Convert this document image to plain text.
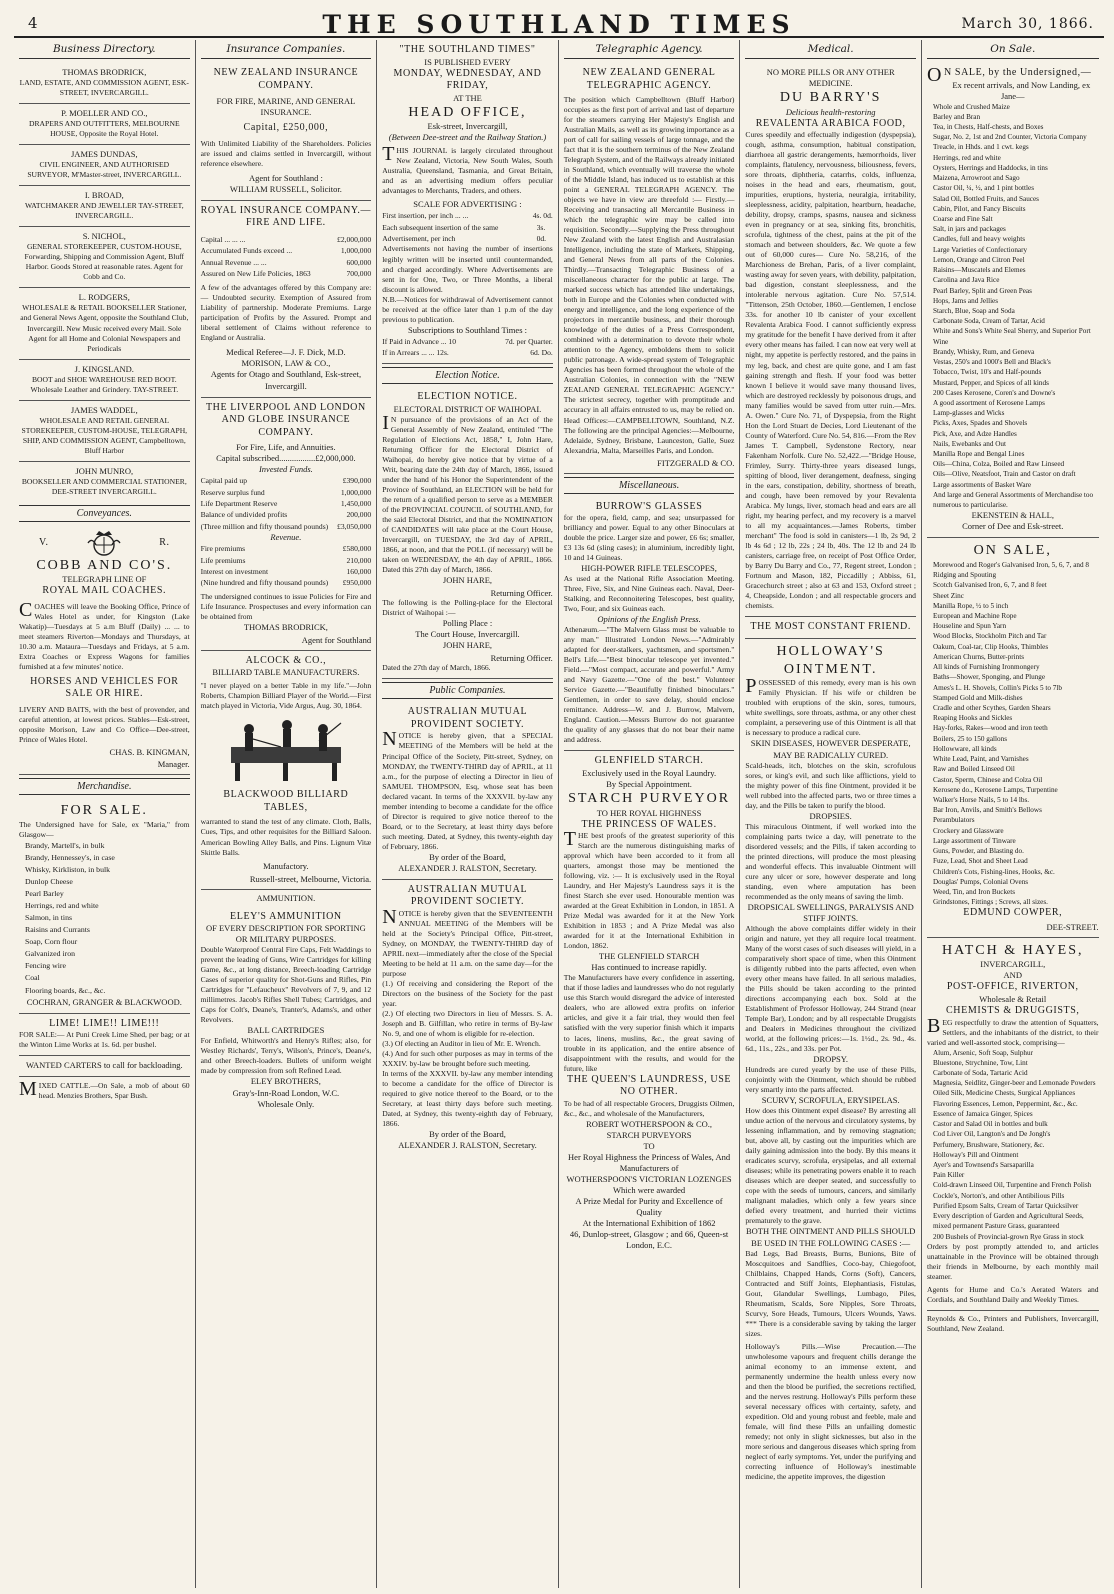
4	THE SOUTHLAND TIMES	March 30, 1866.
Business Directory.
THOMAS BRODRICK,
LAND, ESTATE, AND COMMISSION AGENT, ESK-STREET, INVERCARGILL.
P. MOELLER AND CO.,
DRAPERS AND OUTFITTERS, MELBOURNE HOUSE, Opposite the Royal Hotel.
JAMES DUNDAS,
CIVIL ENGINEER, AND AUTHORISED SURVEYOR, M'Master-street, INVERCARGILL.
I. BROAD,
WATCHMAKER AND JEWELLER TAY-STREET, INVERCARGILL.
S. NICHOL,
GENERAL STOREKEEPER, CUSTOM-HOUSE, Forwarding, Shipping and Commission Agent, Bluff Harbor. Goods Stored at reasonable rates. Agent for Cobb and Co.
L. RODGERS,
WHOLESALE & RETAIL BOOKSELLER Stationer, and General News Agent, opposite the Southland Club, Invercargill. New Music received every Mail. Sole Agent for all Home and Colonial Newspapers and Periodicals
J. KINGSLAND.
BOOT and SHOE WAREHOUSE RED BOOT. Wholesale Leather and Grindery. TAY-STREET.
JAMES WADDEL,
WHOLESALE AND RETAIL GENERAL STOREKEEPER, CUSTOM-HOUSE, TELEGRAPH, SHIP, AND COMMISSION AGENT, Campbelltown, Bluff Harbor
JOHN MUNRO,
BOOKSELLER AND COMMERCIAL STATIONER, DEE-STREET INVERCARGILL.
Conveyances.
V.	R.
COBB AND CO'S.
TELEGRAPH LINE OF
ROYAL MAIL COACHES.
COACHES will leave the Booking Office, Prince of Wales Hotel as under, for Kingston (Lake Wakatip)—Tuesdays at 5 a.m Bluff (Daily) ... ... to meet steamers Riverton—Mondays and Thursdays, at 10.30 a.m. Mataura—Tuesdays and Fridays, at 5 a.m. Extra Coaches or Express Wagons for families furnished at a few minutes' notice.
HORSES AND VEHICLES FOR SALE OR HIRE.
LIVERY AND BAITS, with the best of provender, and careful attention, at lowest prices. Stables—Esk-street, opposite Morison, Law and Co Office—Dee-street, Prince of Wales Hotel.
CHAS. B. KINGMAN,
Manager.
Merchandise.
FOR SALE.
The Undersigned have for Sale, ex "Maria," from Glasgow—
Brandy, Martell's, in bulk
Brandy, Hennessey's, in case
Whisky, Kirkliston, in bulk
Dunlop Cheese
Pearl Barley
Herrings, red and white
Salmon, in tins
Raisins and Currants
Soap, Corn flour
Galvanized iron
Fencing wire
Coal
Flooring boards, &c., &c.
COCHRAN, GRANGER & BLACKWOOD.
LIME! LIME!! LIME!!!
FOR SALE:— At Puni Creek Lime Shed, per bag; or at the Winton Lime Works at 1s. 6d. per bushel.
WANTED CARTERS to call for backloading.
MIXED CATTLE.—On Sale, a mob of about 60 head. Menzies Brothers, Spar Bush.
Insurance Companies.
NEW ZEALAND INSURANCE COMPANY.
FOR FIRE, MARINE, AND GENERAL INSURANCE.
Capital, £250,000,
With Unlimited Liability of the Shareholders. Policies are issued and claims settled in Invercargill, without reference elsewhere.
Agent for Southland :
WILLIAM RUSSELL, Solicitor.
ROYAL INSURANCE COMPANY.— FIRE AND LIFE.
Capital ... ... ...	£2,000,000
Accumulated Funds exceed ...	1,000,000
Annual Revenue ... ...	600,000
Assured on New Life Policies, 1863	700,000
A few of the advantages offered by this Company are:— Undoubted security. Exemption of Assured from Liability of partnership. Moderate Premiums. Large participation of Profits by the Assured. Prompt and liberal settlement of Claims without reference to England or Australia.
Medical Referee—J. F. Dick, M.D.
MORISON, LAW & CO.,
Agents for Otago and Southland, Esk-street, Invercargill.
THE LIVERPOOL AND LONDON AND GLOBE INSURANCE COMPANY.
For Fire, Life, and Annuities.
Capital subscribed.................£2,000,000.
Invested Funds.
Capital paid up	£390,000
Reserve surplus fund	1,000,000
Life Department Reserve	1,450,000
Balance of undivided profits	200,000
(Three million and fifty thousand pounds) £3,050,000
Revenue.
Fire premiums	£580,000
Life premiums	210,000
Interest on investment	160,000
(Nine hundred and fifty thousand pounds) £950,000
The undersigned continues to issue Policies for Fire and Life Insurance. Prospectuses and every information can be obtained from
THOMAS BRODRICK,
Agent for Southland
ALCOCK & CO.,
BILLIARD TABLE MANUFACTURERS.
"I never played on a better Table in my life."—John Roberts, Champion Billiard Player of the World.—First match played in Victoria, Vide Argus, Aug. 30, 1864.
BLACKWOOD BILLIARD TABLES,
warranted to stand the test of any climate. Cloth, Balls, Cues, Tips, and other requisites for the Billiard Saloon. American Bowling Alley Balls, and Pins. Lignum Vitæ Skittle Balls.
Manufactory.
Russell-street, Melbourne, Victoria.
AMMUNITION.
ELEY'S AMMUNITION
OF EVERY DESCRIPTION FOR SPORTING OR MILITARY PURPOSES.
Double Waterproof Central Fire Caps, Felt Waddings to prevent the leading of Guns, Wire Cartridges for killing Game, &c., at long distance, Breech-loading Cartridge Cases of superior quality for Shot-Guns and Rifles, Pin Cartridges for "Lefaucheux" Revolvers of 7, 9, and 12 millimetres. Jacob's Rifles Shell Tubes; Cartridges, and Caps for Colt's, Deane's, Tranter's, Adams's, and other Revolvers.
BALL CARTRIDGES
For Enfield, Whitworth's and Henry's Rifles; also, for Westley Richards', Terry's, Wilson's, Prince's, Deane's, and other Breech-loaders. Bullets of uniform weight made by compression from soft Refined Lead.
ELEY BROTHERS,
Gray's-Inn-Road London, W.C.
Wholesale Only.
"THE SOUTHLAND TIMES"
IS PUBLISHED EVERY
MONDAY, WEDNESDAY, AND FRIDAY,
AT THE
HEAD OFFICE,
Esk-street, Invercargill,
(Between Dee-street and the Railway Station.)
THIS JOURNAL is largely circulated throughout New Zealand, Victoria, New South Wales, South Australia, Queensland, Tasmania, and Great Britain, and as an advertising medium offers peculiar advantages to Merchants, Traders, and others.
SCALE FOR ADVERTISING :
First insertion, per inch ... ...	4s. 0d.
Each subsequent insertion of the same Advertisement, per inch
3s. 0d.
Advertisements not having the number of insertions legibly written will be inserted until countermanded, and charged accordingly. Where Advertisements are sent in for One, Two, or Three Months, a liberal discount is allowed.
N.B.—Notices for withdrawal of Advertisement cannot be received at the office later than 1 p.m of the day previous to publication.
Subscriptions to Southland Times :
If Paid in Advance ... 10	7d. per Quarter.
If in Arrears ... ... 12s.	6d. Do.
Election Notice.
ELECTION NOTICE.
ELECTORAL DISTRICT OF WAIHOPAI.
IN pursuance of the provisions of an Act of the General Assembly of New Zealand, entituled "The Regulation of Elections Act, 1858," I, John Hare, Returning Officer for the Electoral District of Waihopai, do hereby give notice that by virtue of a Writ, bearing date the 24th day of March, 1866, issued under the hand of his Honor the Superintendent of the Province of Southland, an ELECTION will be held for the return of a qualified person to serve as a MEMBER of the PROVINCIAL COUNCIL of SOUTHLAND, for the said Electoral District, and that the NOMINATION of CANDIDATES will take place at the Court House, Invercargill, on TUESDAY, the 3rd day of APRIL, 1866, at noon, and that the POLL (if necessary) will be taken on WEDNESDAY, the 4th day of APRIL, 1866. Dated this 27th day of March, 1866.
JOHN HARE,
Returning Officer.
The following is the Polling-place for the Electoral District of Waihopai :—
Polling Place :
The Court House, Invercargill.
JOHN HARE,
Returning Officer.
Dated the 27th day of March, 1866.
Public Companies.
AUSTRALIAN MUTUAL PROVIDENT SOCIETY.
NOTICE is hereby given, that a SPECIAL MEETING of the Members will be held at the Principal Office of the Society, Pitt-street, Sydney, on MONDAY, the TWENTY-THIRD day of APRIL, at 11 a.m., for the purpose of electing a Director in lieu of SAMUEL THOMPSON, Esq, whose seat has been declared vacant. In terms of the XXXVII. by-law any member intending to become a candidate for the office of Director is required to give notice thereof to the Board, or to the Secretary, at least thirty days before such meeting. Dated, at Sydney, this twenty-eighth day of February, 1866.
By order of the Board,
ALEXANDER J. RALSTON, Secretary.
AUSTRALIAN MUTUAL PROVIDENT SOCIETY.
NOTICE is hereby given that the SEVENTEENTH ANNUAL MEETING of the Members will be held at the Society's Principal Office, Pitt-street, Sydney, on MONDAY, the TWENTY-THIRD day of APRIL next—immediately after the close of the Special Meeting to be held at 11 a.m. on the same day—for the purpose
(1.) Of receiving and considering the Report of the Directors on the business of the Society for the past year.
(2.) Of electing two Directors in lieu of Messrs. S. A. Joseph and B. Gilfillan, who retire in terms of By-law No. 9, and one of whom is eligible for re-election.
(3.) Of electing an Auditor in lieu of Mr. E. Wrench.
(4.) And for such other purposes as may in terms of the XXXIV. by-law be brought before such meeting.
In terms of the XXXVII. by-law any member intending to become a candidate for the office of Director is required to give notice thereof to the Board, or to the Secretary, at least thirty days before such meeting. Dated, at Sydney, this twenty-eighth day of February, 1866.
By order of the Board,
ALEXANDER J. RALSTON, Secretary.
Telegraphic Agency.
NEW ZEALAND GENERAL TELEGRAPHIC AGENCY.
The position which Campbelltown (Bluff Harbor) occupies as the first port of arrival and last of departure for the steamers carrying Her Majesty's English and Australian Mails, as well as its growing importance as a port of call for sailing vessels of large tonnage, and the fact that it is the southern terminus of the New Zealand Telegraph System, and of the Railways already initiated in Southland, which eventually will traverse the whole of the Middle Island, has induced us to establish at this point a GENERAL TELEGRAPH AGENCY. The objects we have in view are threefold :— Firstly.—Receiving and transacting all Mercantile Business in which the telegraphic wire may be called into requisition. Secondly.—Supplying the Press throughout New Zealand with the latest English and Australasian Intelligence, including the state of Markets, Shipping, and General News from all parts of the Colonies. Thirdly.—Transacting Telegraphic Business of a miscellaneous character for the public at large. The marked success which has attended like undertakings, both in Europe and the Colonies when conducted with energy and intelligence, and the long experience of the projectors in mercantile business, and their thorough knowledge of the duties of a Press Correspondent, combined with a determination to devote their whole attention to the Agency, emboldens them to solicit public patronage. A wide-spread system of Telegraphic Agencies has been formed throughout the whole of the Australian Colonies, in connection with the "NEW ZEALAND GENERAL TELEGRAPHIC AGENCY." The strictest secrecy, together with promptitude and accuracy in all affairs entrusted to us, may be relied on. Head Offices:—CAMPBELLTOWN, Southland, N.Z. The following are the principal Agencies:—Melbourne, Adelaide, Sydney, Brisbane, Launceston, Galle, Suez Alexandria, Malta, Marseilles Paris, and London.
FITZGERALD & CO.
Miscellaneous.
BURROW'S GLASSES
for the opera, field, camp, and sea; unsurpassed for brilliancy and power. Equal to any other Binoculars at double the price. Larger size and power, £6 6s; smaller, £3 13s 6d (sling cases); in aluminium, incredibly light, 10 and 14 Guineas.
HIGH-POWER RIFLE TELESCOPES,
As used at the National Rifle Association Meeting. Three, Five, Six, and Nine Guineas each. Naval, Deer-Stalking, and Reconnoitering Telescopes, best quality, Two, Four, and six Guineas each.
Opinions of the English Press.
Athenæum.—"The Malvern Glass must be valuable to any man." Illustrated London News.—"Admirably adapted for deer-stalkers, yachtsmen, and sportsmen." Bell's Life.—"Best binocular telescope yet invented." Field.—"Most compact, accurate and powerful." Army and Navy Gazette.—"One of the best." Volunteer Service Gazette.—"Beautifully finished binoculars." Gentlemen, in order to save delay, should enclose remittance. Address—W. and J. Burrow, Malvern, England. Caution.—Messrs Burrow do not guarantee the quality of any glasses that do not bear their name and address.
GLENFIELD STARCH.
Exclusively used in the Royal Laundry.
By Special Appointment.
STARCH PURVEYOR
TO HER ROYAL HIGHNESS
THE PRINCESS OF WALES.
THE best proofs of the greatest superiority of this Starch are the numerous distinguishing marks of approval which have been accorded to it from all quarters, amongst those may be mentioned the following, viz. :— It is exclusively used in the Royal Laundry, and Her Majesty's Laundress says it is the finest Starch she ever used. Honourable mention was awarded at the Great Exhibition in London, in 1851. A Prize Medal was awarded for it at the New York Exhibition in 1853 ; and A Prize Medal was also awarded for it at the International Exhibition in London, 1862.
THE GLENFIELD STARCH
Has continued to increase rapidly.
The Manufacturers have every confidence in asserting, that if those ladies and laundresses who do not regularly use this Starch would disregard the advice of interested dealers, who are allowed extra profits on inferior articles, and give it a fair trial, they would then feel satisfied with the very superior finish which it imparts to laces, linens, muslins, &c., the great saving of trouble in its application, and the entire absence of disappointment with the results, and would for the future, like
THE QUEEN'S LAUNDRESS, USE NO OTHER.
To be had of all respectable Grocers, Druggists Oilmen, &c., &c., and wholesale of the Manufacturers,
ROBERT WOTHERSPOON & CO.,
STARCH PURVEYORS
TO
Her Royal Highness the Princess of Wales, And Manufacturers of
WOTHERSPOON'S VICTORIAN LOZENGES
Which were awarded
A Prize Medal for Purity and Excellence of Quality
At the International Exhibition of 1862
46, Dunlop-street, Glasgow ; and 66, Queen-st London, E.C.
Medical.
NO MORE PILLS OR ANY OTHER MEDICINE.
DU BARRY'S
Delicious health-restoring
REVALENTA ARABICA FOOD,
Cures speedily and effectually indigestion (dyspepsia), cough, asthma, consumption, habitual constipation, diarrhoea all gastric derangements, hæmorrhoids, liver complaints, flatulency, nervousness, biliousness, fevers, sore throats, diphtheria, catarrhs, colds, influenza, noises in the head and ears, rheumatism, gout, impurities, eruptions, hysteria, neuralgia, irritability, sleeplessness, acidity, palpitation, heartburn, headache, debility, dropsy, cramps, spasms, nausea and sickness even in pregnancy or at sea, sinking fits, bronchitis, scrofula, tightness of the chest, pains at the pit of the stomach and between shoulders, &c. We quote a few out of 60,000 cures— Cure No. 58,216, of the Marchioness de Brehan, Paris, of a liver complaint, wasting away for seven years, with debility, palpitation, bad digestion, constant sleeplessness, and the intolerable nervous agitation. Cure No. 57,514. "Tittenson, 25th October, 1860.—Gentlemen, I enclose 33s. for another 10 lb canister of your excellent Revalenta Arabica Food. I cannot sufficiently express my gratitude for the benefit I have derived from it after every other means has failed. I can now eat very well at night, my appetite is perfectly restored, and the pains in my leg, back, and chest are quite gone, and I am fast gaining strength and flesh. If your food was better known I believe it would save many thousand lives, which are destroyed recklessly by poisonous drugs, and many families would be saved from utter ruin.—Mrs. A. Owen." Cure No. 71, of Dyspepsia, from the Right Hon the Lord Stuart de Decies, Lord Lieutenant of the County of Waterford. Cure No. 54, 816.—From the Rev James T. Campbell, Sydenstone Rectory, near Fakenham Norfolk. Cure No. 52,422.—"Bridge House, Frimley, Surry. Thirty-three years diseased lungs, spitting of blood, liver derangement, deafness, singing in the ears, constipation, debility, shortness of breath, and cough, have been removed by your Revalenta Arabica. My lungs, liver, stomach head and ears are all right, my hearing perfect, and my recovery is a marvel to all my acquaintances.—James Roberts, timber merchant" The food is sold in canisters—1 lb, 2s 9d, 2 lb 4s 6d ; 12 lb, 22s ; 24 lb, 40s. The 12 lb and 24 lb canisters, carriage free, on receipt of Post Office Order, by Barry Du Barry and Co., 77, Regent street, London ; Fortnum and Mason, 182, Piccadilly ; Abbiss, 61, Gracechurch street ; also at 63 and 153, Oxford street ; 4, Cheapside, London ; and all respectable grocers and chemists.
THE MOST CONSTANT FRIEND.
HOLLOWAY'S OINTMENT.
POSSESSED of this remedy, every man is his own Family Physician. If his wife or children be troubled with eruptions of the skin, sores, tumours, white swellings, sore throats, asthma, or any other chest complaint, a persevering use of this Ointment is all that is necessary to produce a radical cure.
SKIN DISEASES, HOWEVER DESPERATE, MAY BE RADICALLY CURED.
Scald-heads, itch, blotches on the skin, scrofulous sores, or king's evil, and such like afflictions, yield to the mighty power of this fine Ointment, provided it be well rubbed into the affected parts, two or three times a day, and the Pills be taken to purify the blood.
DROPSIES.
This miraculous Ointment, if well worked into the complaining parts twice a day, will penetrate to the disordered vessels; and the Pills, if taken according to the printed directions, will produce the most pleasing and wonderful effects. This invaluable Ointment will cure any ulcer or sore, however desperate and long standing, even where amputation has been recommended as the only means of saving the limb.
DROPSICAL SWELLINGS, PARALYSIS AND STIFF JOINTS.
Although the above complaints differ widely in their origin and nature, yet they all require local treatment. Many of the worst cases of such diseases will yield, in a comparatively short space of time, when this Ointment is diligently rubbed into the parts affected, even when every other means have failed. In all serious maladies, the Pills should be taken according to the printed directions accompanying each box. Sold at the Establishment of Professor Holloway, 244 Strand (near Temple Bar), London; and by all respectable Druggists and Dealers in Medicines throughout the civilized world, at the following prices:—1s. 1½d., 2s. 9d., 4s. 6d., 11s., 22s., and 33s. per Pot.
DROPSY.
Hundreds are cured yearly by the use of these Pills, conjointly with the Ointment, which should be rubbed very smartly into the parts affected.
SCURVY, SCROFULA, ERYSIPELAS.
How does this Ointment expel disease? By arresting all undue action of the nervous and circulatory systems, by lessening inflammation, and by removing stagnation; but, above all, by casting out the impurities which are daily gaining admission into the body. By this means it eradicates scurvy, scrofula, erysipelas, and all external diseases; while its penetrating powers enable it to reach diseases which are deeper seated, and successfully to cope with the seeds of tumours, cancers, and similarly malignant maladies, which only a few years since defied every treatment, and hurried their victims prematurely to the grave.
BOTH THE OINTMENT AND PILLS SHOULD BE USED IN THE FOLLOWING CASES :—
Bad Legs, Bad Breasts, Burns, Bunions, Bite of Moscquitoes and Sandflies, Coco-bay, Chiegofoot, Chilblains, Chapped Hands, Corns (Soft), Cancers, Contracted and Stiff Joints, Elephantiasis, Fistulas, Gout, Glandular Swellings, Lumbago, Piles, Rheumatism, Scalds, Sore Nipples, Sore Throats, Scurvy, Sore Heads, Tumours, Ulcers Wounds, Yaws. *** There is a considerable saving by taking the larger sizes.
Holloway's Pills.—Wise Precaution.—The unwholesome vapours and frequent chills derange the animal economy to an immense extent, and permanently undermine the health unless every now and then the blood be purified, the secretions rectified, and the nerves restrung. Holloway's Pills perform these several necessary offices with certainty, safety, and expedition. Old and young robust and feeble, male and female, will find these Pills an unfailing domestic remedy; not only in slight sicknesses, but also in the more serious and dangerous diseases which spring from neglect of early symptoms. Yet, under the purifying and correcting influence of Holloway's inestimable medicine, the appetite improves, the digestion
On Sale.
ON SALE, by the Undersigned,—
Ex recent arrivals, and Now Landing, ex Jane—
Whole and Crushed Maize
Barley and Bran
Tea, in Chests, Half-chests, and Boxes
Sugar, No. 2, 1st and 2nd Counter, Victoria Company
Treacle, in Hhds. and 1 cwt. kegs
Herrings, red and white
Oysters, Herrings and Haddocks, in tins
Maizena, Arrowroot and Sago
Castor Oil, ¼, ½, and 1 pint bottles
Salad Oil, Bottled Fruits, and Sauces
Cabin, Pilot, and Fancy Biscuits
Coarse and Fine Salt
Salt, in jars and packages
Candles, full and heavy weights
Large Varieties of Confectionary
Lemon, Orange and Citron Peel
Raisins—Muscatels and Elemes
Carolina and Java Rice
Pearl Barley, Split and Green Peas
Hops, Jams and Jellies
Starch, Blue, Soap and Soda
Carbonate Soda, Cream of Tartar, Acid
White and Sons's White Seal Sherry, and Superior Port Wine
Brandy, Whisky, Rum, and Geneva
Vestas, 250's and 1000's Bell and Black's
Tobacco, Twist, 10's and Half-pounds
Mustard, Pepper, and Spices of all kinds
200 Cases Kerosene, Coren's and Downe's
A good assortment of Kerosene Lamps
Lamp-glasses and Wicks
Picks, Axes, Spades and Shovels
Pick, Axe, and Adze Handles
Nails, Ewebanks and Out
Manilla Rope and Bengal Lines
Oils—China, Colza, Boiled and Raw Linseed
Oils—Olive, Neatsfoot, Train and Castor on draft
Large assortments of Basket Ware
And large and General Assortments of Merchandise too numerous to particularise.
EKENSTEIN & HALL,
Corner of Dee and Esk-street.
ON SALE,
Morewood and Roger's Galvanised Iron, 5, 6, 7, and 8
Ridging and Spouting
Scotch Galvanised Iron, 6, 7, and 8 feet
Sheet Zinc
Manilla Rope, ½ to 5 inch
European and Machine Rope
Houseline and Spun Yarn
Wood Blocks, Stockholm Pitch and Tar
Oakum, Coal-tar, Clip Hooks, Thimbles
American Churns, Butter-prints
All kinds of Furnishing Ironmongery
Baths—Shower, Sponging, and Plunge
Ames's L. H. Shovels, Collin's Picks 5 to 7lb
Stamped Gold and Milk-dishes
Cradle and other Scythes, Garden Shears
Reaping Hooks and Sickles
Hay-forks, Rakes—wood and iron teeth
Boilers, 25 to 150 gallons
Hollowware, all kinds
White Lead, Paint, and Varnishes
Raw and Boiled Linseed Oil
Castor, Sperm, Chinese and Colza Oil
Kerosene do., Kerosene Lamps, Turpentine
Walker's Horse Nails, 5 to 14 lbs.
Bar Iron, Anvils, and Smith's Bellows
Perambulators
Crockery and Glassware
Large assortment of Tinware
Guns, Powder, and Blasting do.
Fuze, Lead, Shot and Sheet Lead
Children's Cots, Fishing-lines, Hooks, &c.
Douglas' Pumps, Colonial Ovens
Weed, Tin, and Iron Buckets
Grindstones, Fittings ; Screws, all sizes.
EDMUND COWPER,
DEE-STREET.
HATCH & HAYES,
INVERCARGILL,
AND
POST-OFFICE, RIVERTON,
Wholesale & Retail
CHEMISTS & DRUGGISTS,
BEG respectfully to draw the attention of Squatters, Settlers, and the inhabitants of the district, to their varied and well-assorted stock, comprising—
Alum, Arsenic, Soft Soap, Sulphur
Bluestone, Strychnine, Tow, Lint
Carbonate of Soda, Tartaric Acid
Magnesia, Seidlitz, Ginger-beer and Lemonade Powders
Oiled Silk, Medicine Chests, Surgical Appliances
Flavoring Essences, Lemon, Peppermint, &c., &c.
Essence of Jamaica Ginger, Spices
Castor and Salad Oil in bottles and bulk
Cod Liver Oil, Langton's and De Jongh's
Perfumery, Brushware, Stationery, &c.
Holloway's Pill and Ointment
Ayer's and Townsend's Sarsaparilla
Pain Killer
Cold-drawn Linseed Oil, Turpentine and French Polish
Cockle's, Norton's, and other Antibilious Pills
Purified Epsom Salts, Cream of Tartar Quicksilver
Every description of Garden and Agricultural Seeds, mixed permanent Pasture Grass, guaranteed
200 Bushels of Provincial-grown Rye Grass in stock
Orders by post promptly attended to, and articles unattainable in the Province will be obtained through their friends in Melbourne, by each monthly mail steamer.
Agents for Hume and Co.'s Aerated Waters and Cordials, and Southland Daily and Weekly Times.
Reynolds & Co., Printers and Publishers, Invercargill, Southland, New Zealand.
